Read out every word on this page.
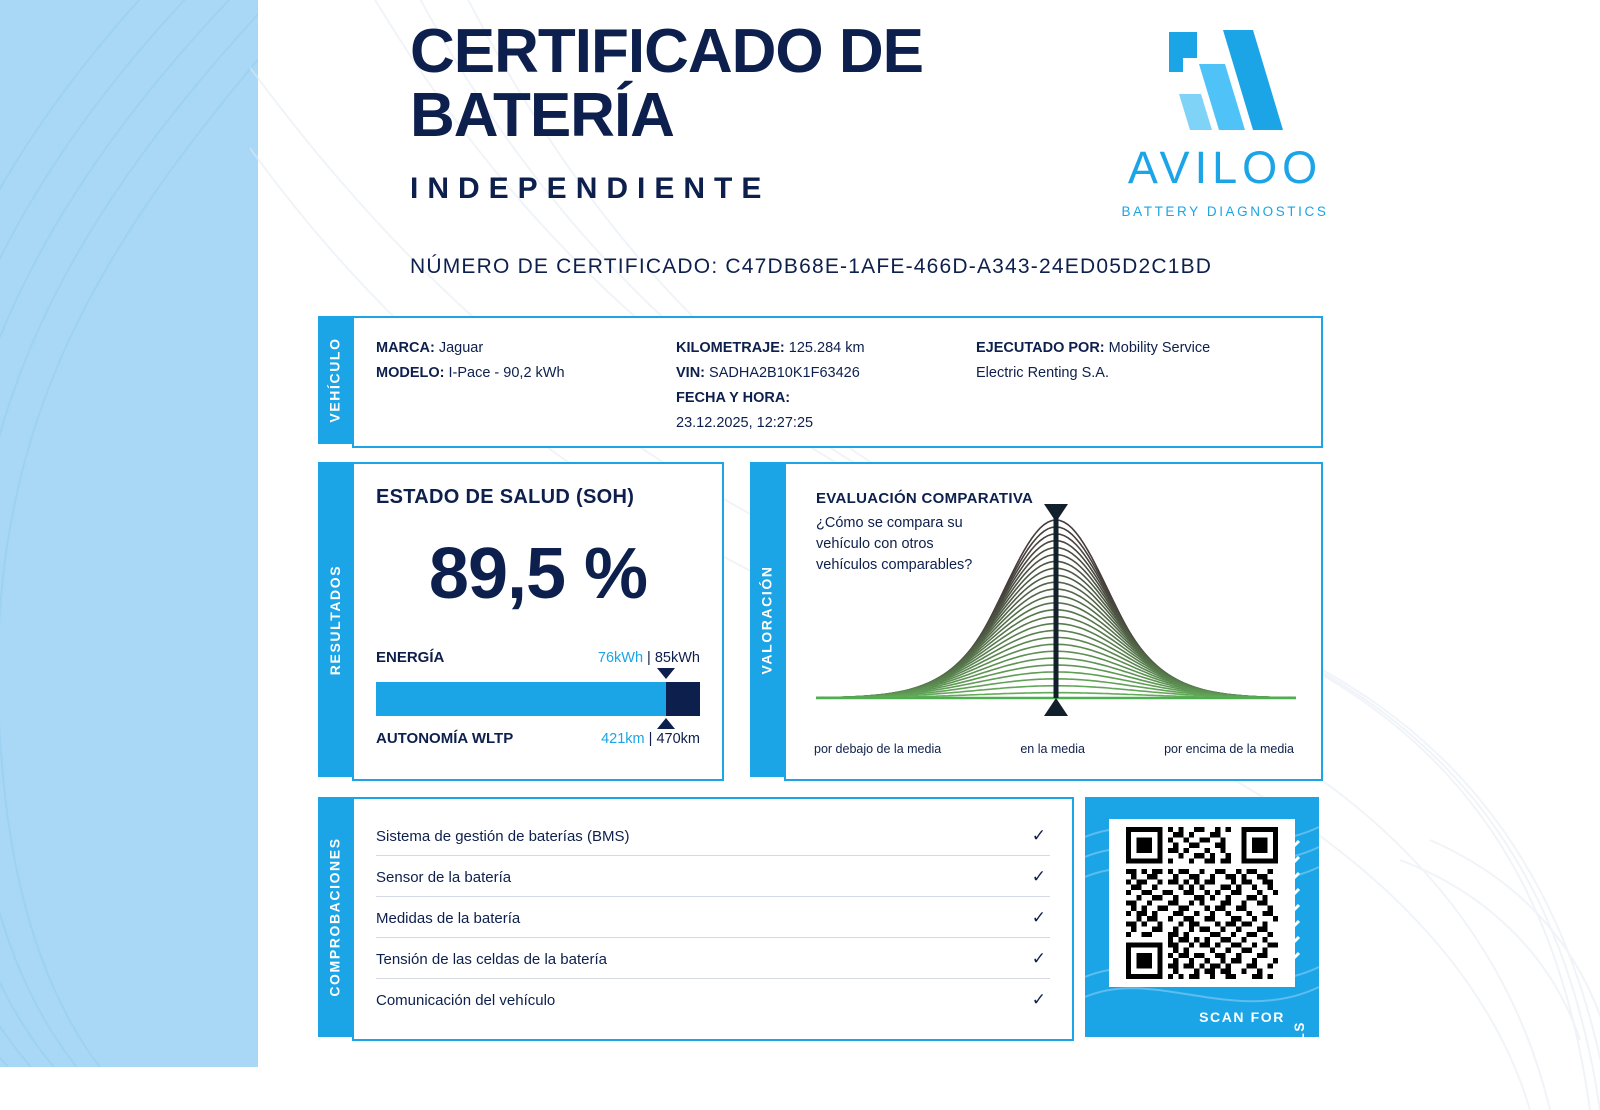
CERTIFICADO DE
BATERÍA
INDEPENDIENTE
NÚMERO DE CERTIFICADO: C47DB68E-1AFE-466D-A343-24ED05D2C1BD
AVILOO
BATTERY DIAGNOSTICS
VEHÍCULO MARCA: Jaguar
MODELO: I-Pace - 90,2 kWh
KILOMETRAJE: 125.284 km
VIN: SADHA2B10K1F63426
FECHA Y HORA:
23.12.2025, 12:27:25
EJECUTADO POR: Mobility Service
Electric Renting S.A.
RESULTADOS
ESTADO DE SALUD (SOH)
89,5 %
ENERGÍA	76kWh | 85kWh
AUTONOMÍA WLTP	421km | 470km
VALORACIÓN
EVALUACIÓN COMPARATIVA
¿Cómo se compara su
vehículo con otros
vehículos comparables?
por debajo de la media	en la media	por encima de la media
COMPROBACIONES
Sistema de gestión de baterías (BMS)	✓
Sensor de la batería	✓
Medidas de la batería	✓
Tensión de las celdas de la batería	✓
Comunicación del vehículo	✓
SCAN FOR
DETAILS
